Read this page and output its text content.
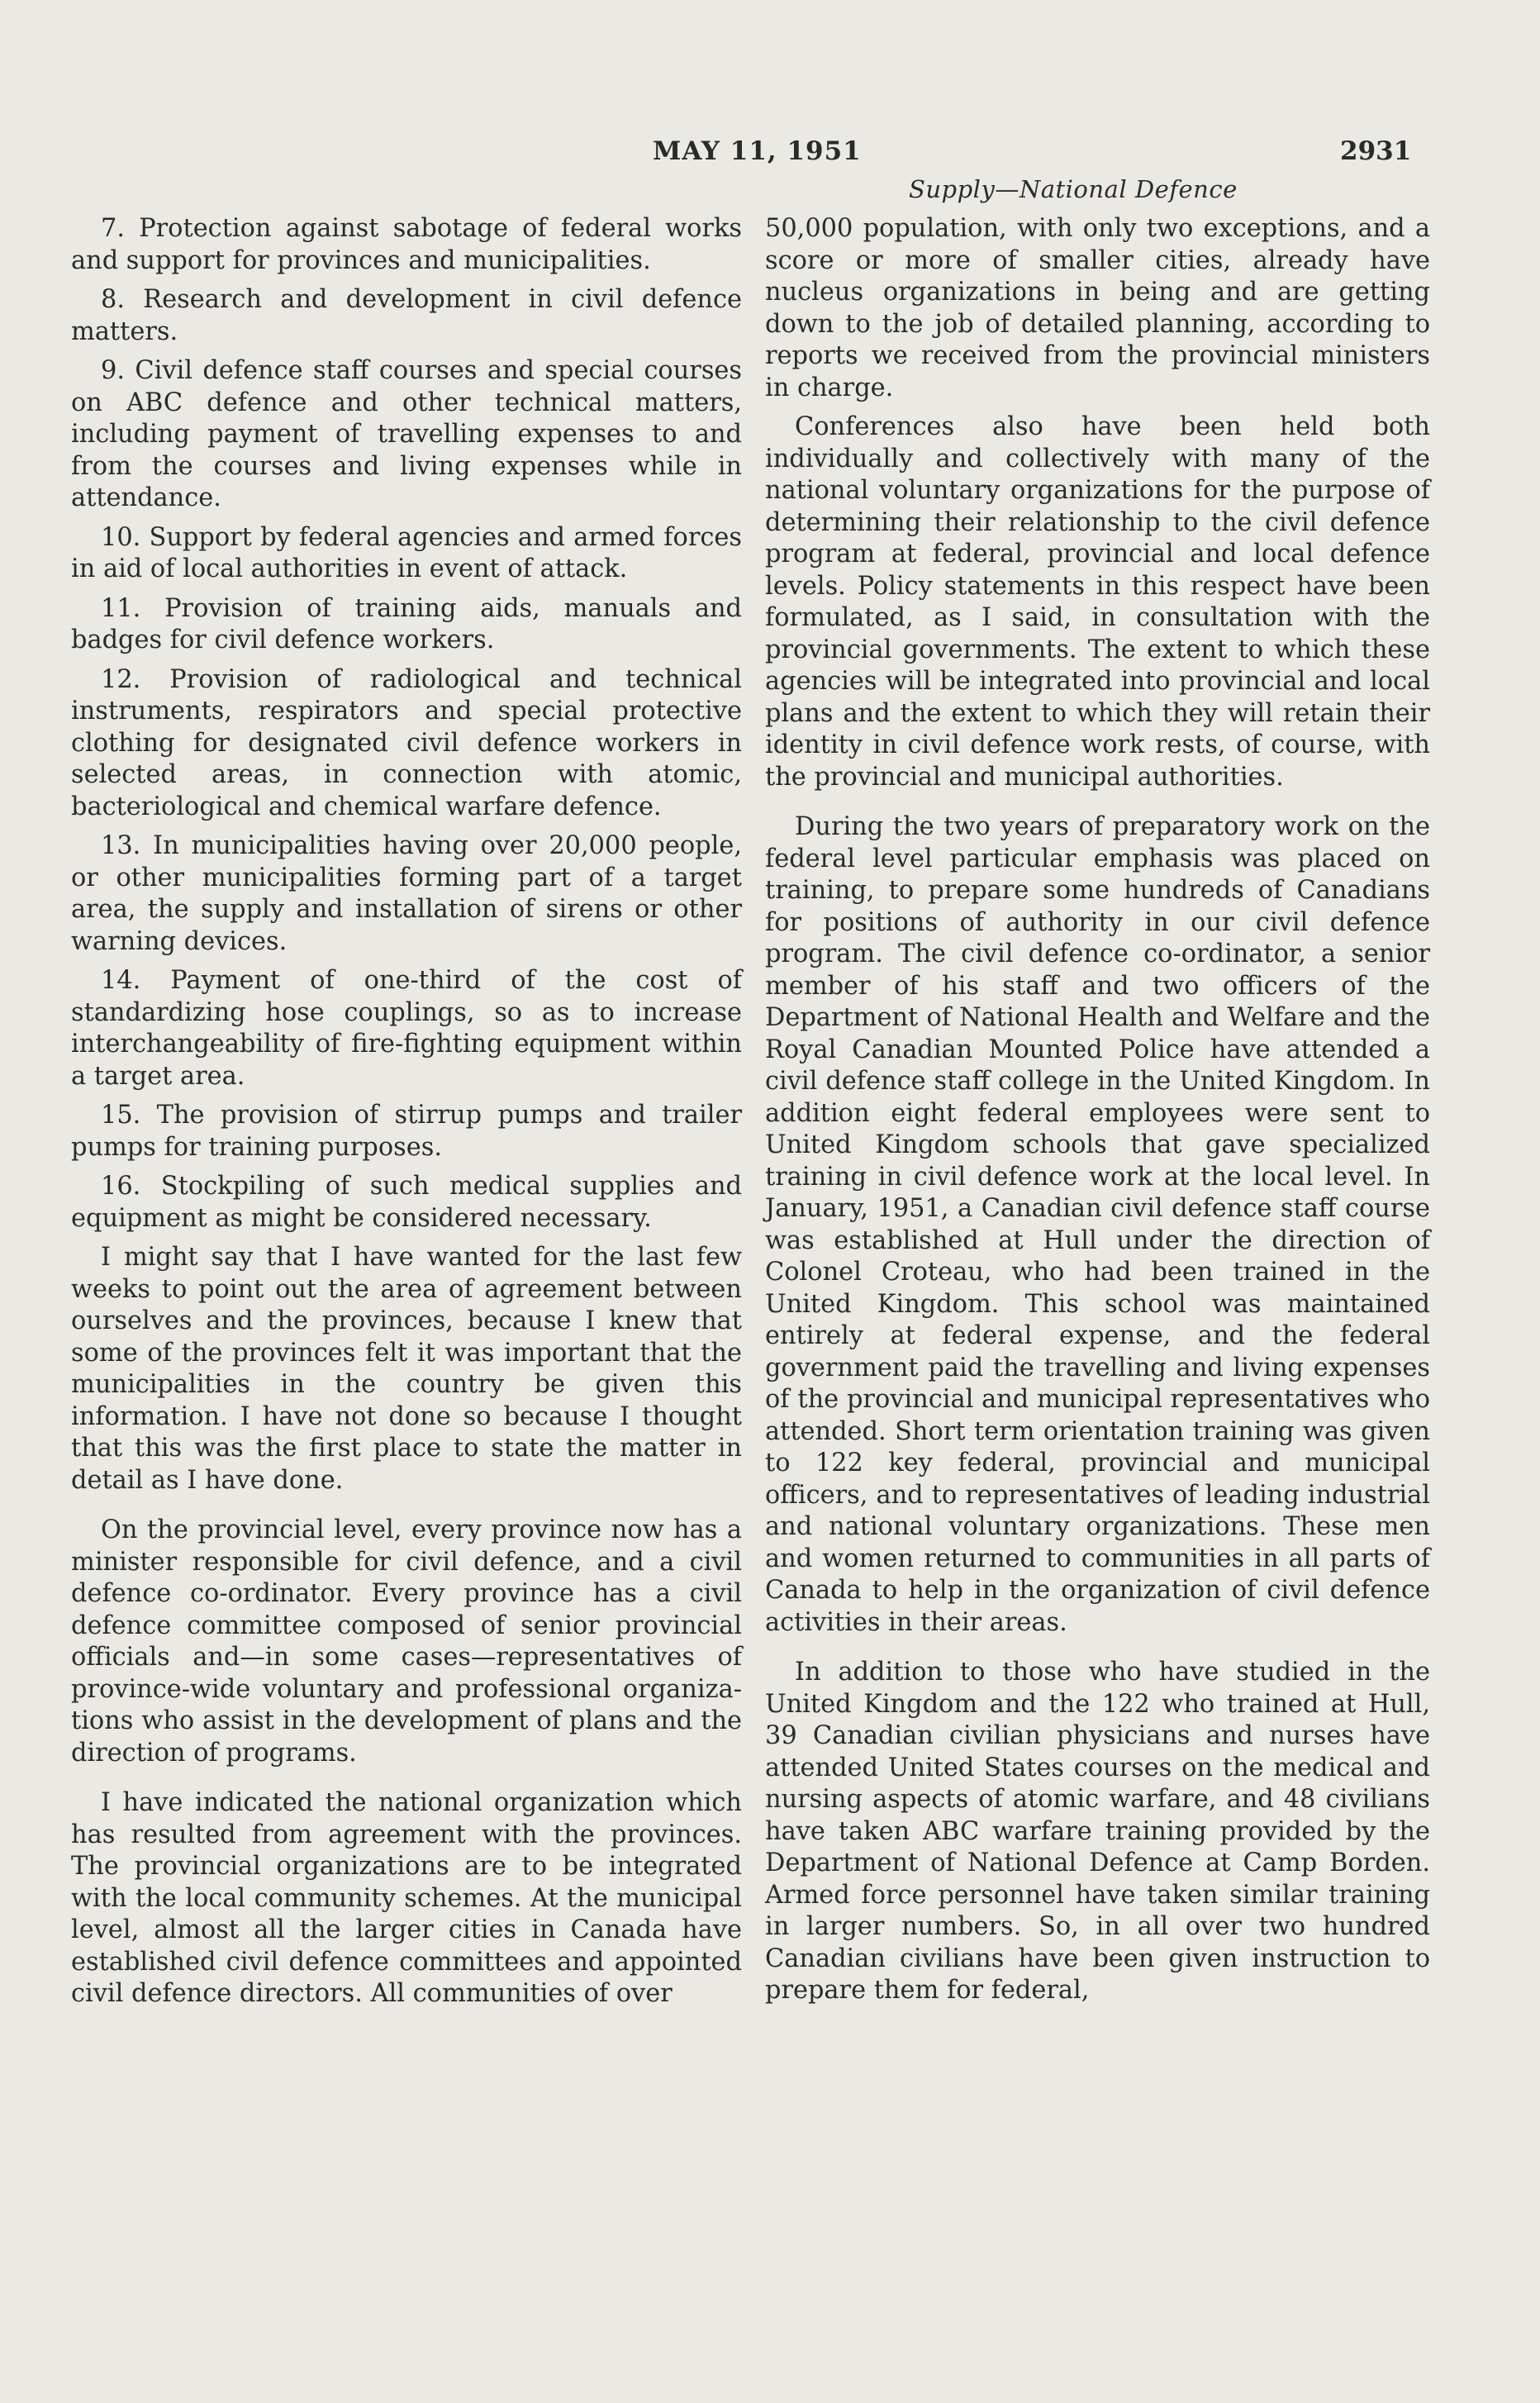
MAY 11, 1951	2931
Supply—National Defence

7. Protection against sabotage of federal works and support for provinces and municipalities.

8. Research and development in civil defence matters.

9. Civil defence staff courses and special courses on ABC defence and other technical matters, including payment of travelling expenses to and from the courses and living expenses while in attendance.

10. Support by federal agencies and armed forces in aid of local authorities in event of attack.

11. Provision of training aids, manuals and badges for civil defence workers.

12. Provision of radiological and technical instruments, respirators and special protective clothing for designated civil defence workers in selected areas, in connection with atomic, bacteriological and chemical warfare defence.

13. In municipalities having over 20,000 people, or other municipalities forming part of a target area, the supply and installation of sirens or other warning devices.

14. Payment of one-third of the cost of standardizing hose couplings, so as to increase interchangeability of fire-fighting equipment within a target area.

15. The provision of stirrup pumps and trailer pumps for training purposes.

16. Stockpiling of such medical supplies and equipment as might be considered necessary.

I might say that I have wanted for the last few weeks to point out the area of agreement between ourselves and the provinces, because I knew that some of the provinces felt it was important that the municipalities in the country be given this information. I have not done so because I thought that this was the first place to state the matter in detail as I have done.

On the provincial level, every province now has a minister responsible for civil defence, and a civil defence co-ordinator. Every province has a civil defence committee composed of senior provincial officials and—in some cases—representatives of province-wide voluntary and professional organizations who assist in the development of plans and the direction of programs.

I have indicated the national organization which has resulted from agreement with the provinces. The provincial organizations are to be integrated with the local community schemes. At the municipal level, almost all the larger cities in Canada have established civil defence committees and appointed civil defence directors. All communities of over

50,000 population, with only two exceptions, and a score or more of smaller cities, already have nucleus organizations in being and are getting down to the job of detailed planning, according to reports we received from the provincial ministers in charge.

Conferences also have been held both individually and collectively with many of the national voluntary organizations for the purpose of determining their relationship to the civil defence program at federal, provincial and local defence levels. Policy statements in this respect have been formulated, as I said, in consultation with the provincial governments. The extent to which these agencies will be integrated into provincial and local plans and the extent to which they will retain their identity in civil defence work rests, of course, with the provincial and municipal authorities.

During the two years of preparatory work on the federal level particular emphasis was placed on training, to prepare some hundreds of Canadians for positions of authority in our civil defence program. The civil defence co-ordinator, a senior member of his staff and two officers of the Department of National Health and Welfare and the Royal Canadian Mounted Police have attended a civil defence staff college in the United Kingdom. In addition eight federal employees were sent to United Kingdom schools that gave specialized training in civil defence work at the local level. In January, 1951, a Canadian civil defence staff course was established at Hull under the direction of Colonel Croteau, who had been trained in the United Kingdom. This school was maintained entirely at federal expense, and the federal government paid the travelling and living expenses of the provincial and municipal representatives who attended. Short term orientation training was given to 122 key federal, provincial and municipal officers, and to representatives of leading industrial and national voluntary organizations. These men and women returned to communities in all parts of Canada to help in the organization of civil defence activities in their areas.

In addition to those who have studied in the United Kingdom and the 122 who trained at Hull, 39 Canadian civilian physicians and nurses have attended United States courses on the medical and nursing aspects of atomic warfare, and 48 civilians have taken ABC warfare training provided by the Department of National Defence at Camp Borden. Armed force personnel have taken similar training in larger numbers. So, in all over two hundred Canadian civilians have been given instruction to prepare them for federal,
